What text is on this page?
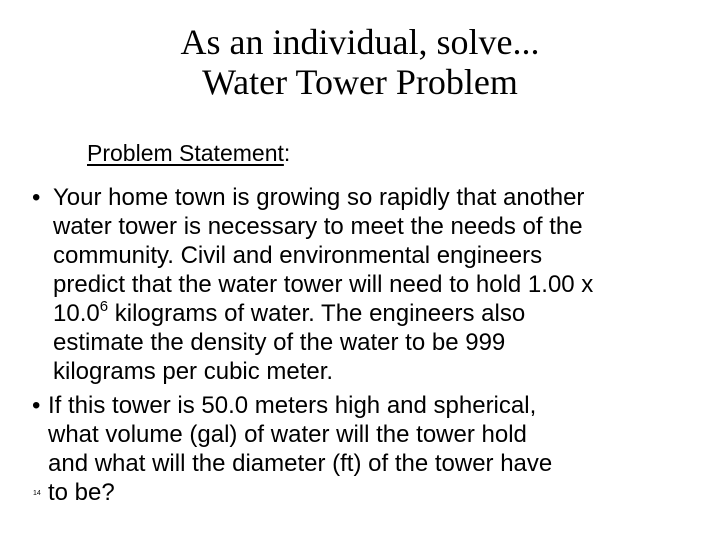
As an individual, solve...
Water Tower Problem
Problem Statement:
• Your home town is growing so rapidly that another
water tower is necessary to meet the needs of the
community. Civil and environmental engineers
predict that the water tower will need to hold 1.00 x
10.0$^6$ kilograms of water. The engineers also
estimate the density of the water to be 999
kilograms per cubic meter.
• If this tower is 50.0 meters high and spherical,
what volume (gal) of water will the tower hold
and what will the diameter (ft) of the tower have
to be?
14
